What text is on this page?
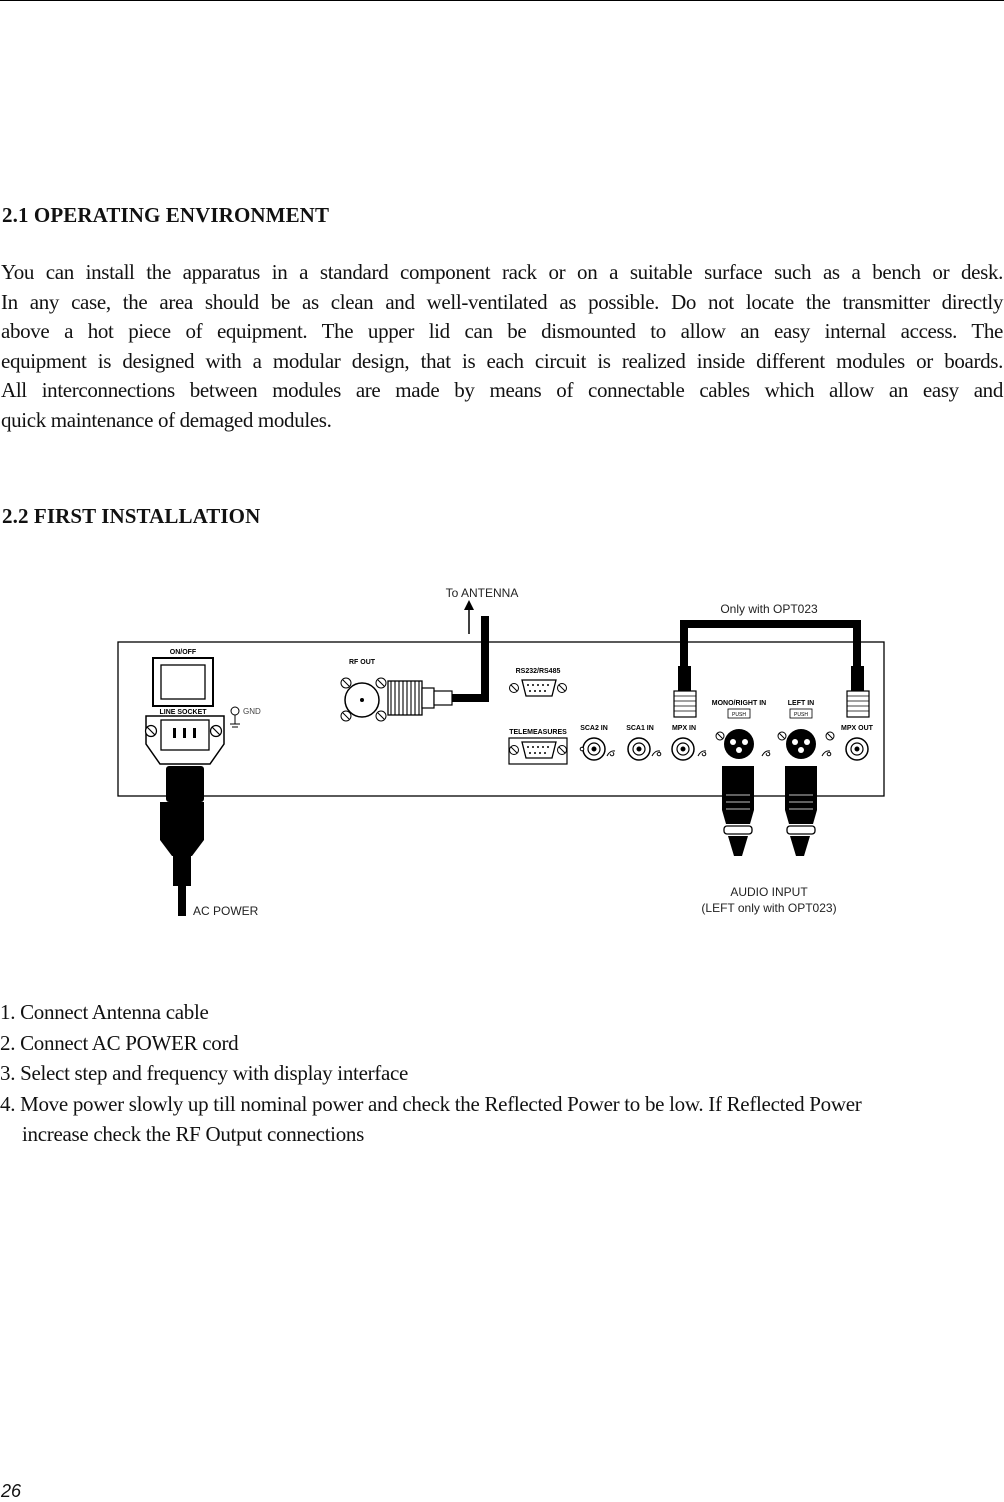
2.1 OPERATING ENVIRONMENT
You can install the apparatus in a standard component rack or on a suitable surface such as a bench or desk.
In any case, the area should be as clean and well-ventilated as possible. Do not locate the transmitter directly
above a hot piece of equipment. The upper lid can be dismounted to allow an easy internal access. The
equipment is designed with a modular design, that is each circuit is realized inside different modules or boards.
All interconnections between modules are made by means of connectable cables which allow an easy and
quick maintenance of demaged modules.
2.2 FIRST INSTALLATION
ON/OFF
LINE SOCKET	GND
AC POWER
RF OUT
To ANTENNA
RS232/RS485
TELEMEASURES
SCA2 IN	SCA1 IN	MPX IN	MPX OUT
MONO/RIGHT IN	LEFT IN
PUSH	PUSH
AUDIO INPUT
(LEFT only with OPT023)
Only with OPT023
1. Connect Antenna cable
2. Connect AC POWER cord
3. Select step and frequency with display interface
4. Move power slowly up till nominal power and check the Reflected Power to be low. If Reflected Power
increase check the RF Output connections
26
